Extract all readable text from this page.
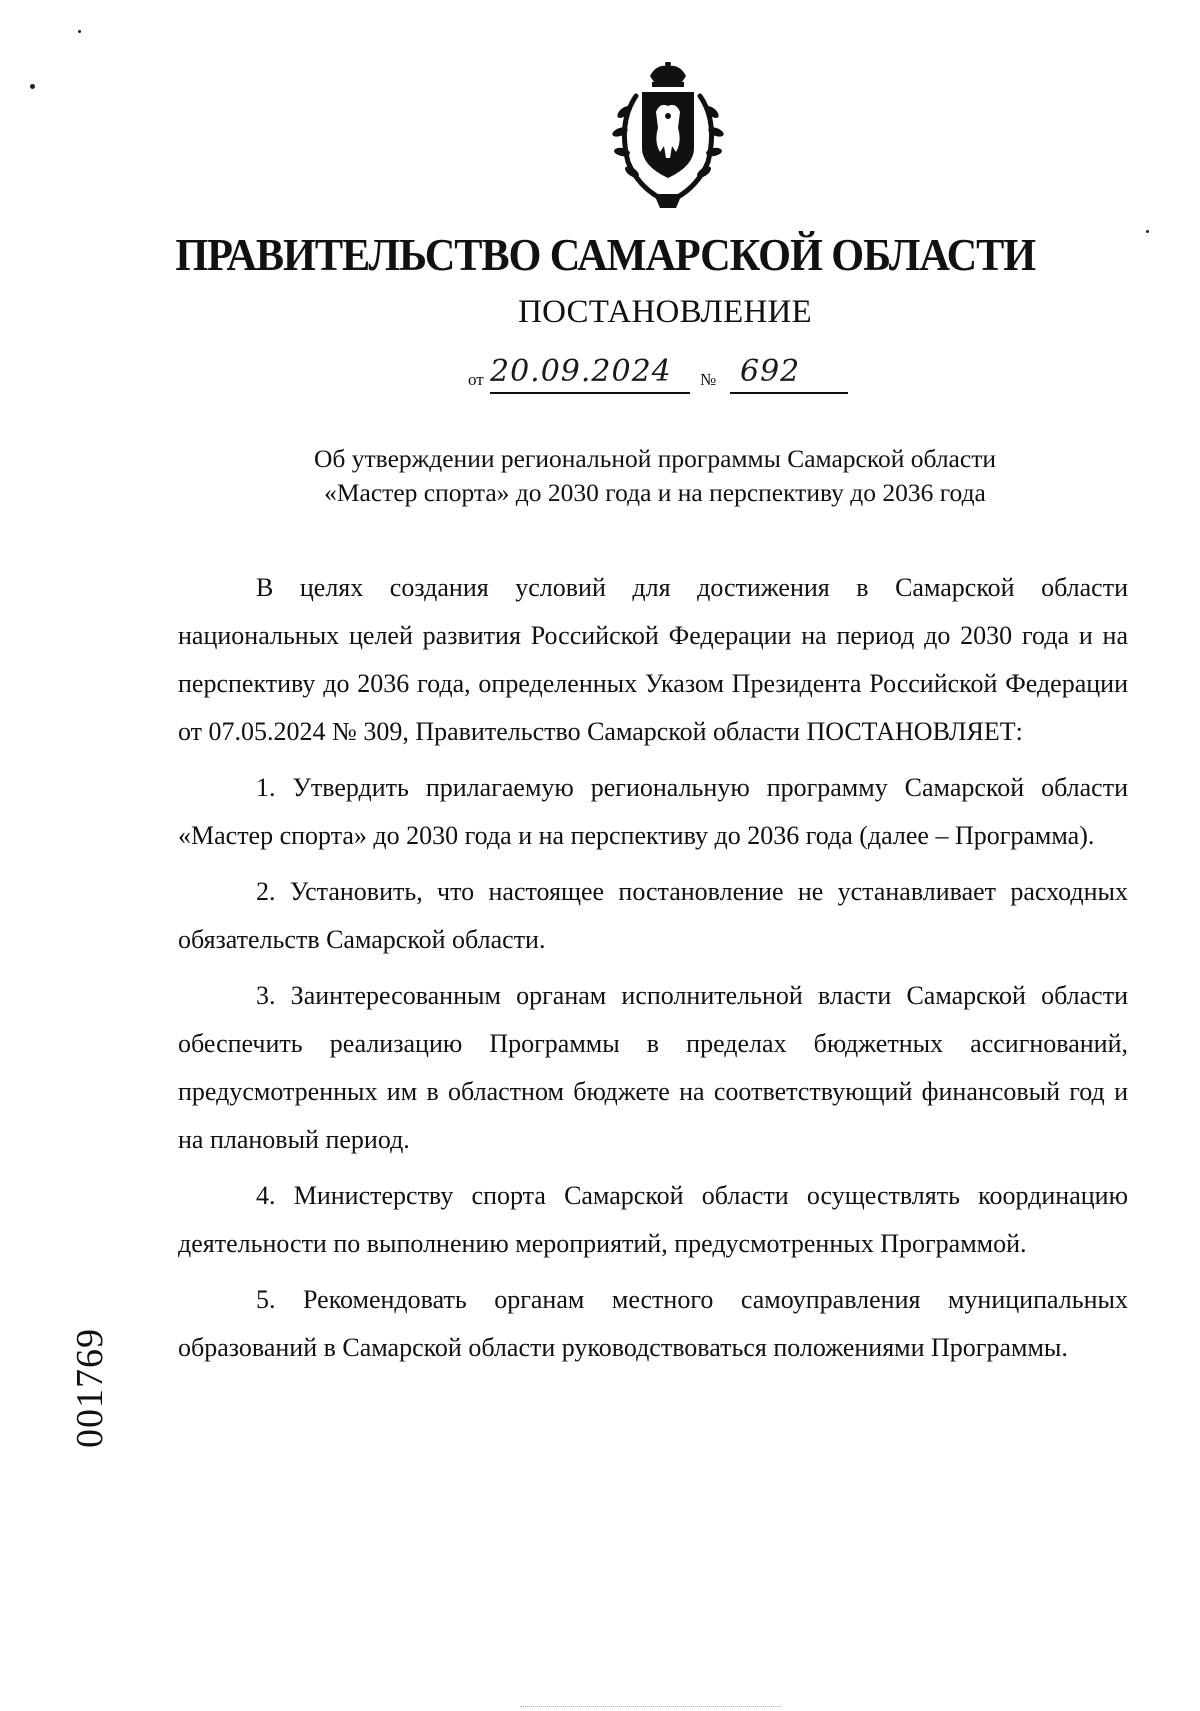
ПРАВИТЕЛЬСТВО САМАРСКОЙ ОБЛАСТИ
ПОСТАНОВЛЕНИЕ
от 20.09.2024 № 692
Об утверждении региональной программы Самарской области
«Мастер спорта» до 2030 года и на перспективу до 2036 года

В целях создания условий для достижения в Самарской области национальных целей развития Российской Федерации на период до 2030 года и на перспективу до 2036 года, определенных Указом Президента Российской Федерации от 07.05.2024 № 309, Правительство Самарской области ПОСТАНОВЛЯЕТ:

1. Утвердить прилагаемую региональную программу Самарской области «Мастер спорта» до 2030 года и на перспективу до 2036 года (далее – Программа).

2. Установить, что настоящее постановление не устанавливает расходных обязательств Самарской области.

3. Заинтересованным органам исполнительной власти Самарской области обеспечить реализацию Программы в пределах бюджетных ассигнований, предусмотренных им в областном бюджете на соответствующий финансовый год и на плановый период.

4. Министерству спорта Самарской области осуществлять координацию деятельности по выполнению мероприятий, предусмотренных Программой.

5. Рекомендовать органам местного самоуправления муниципальных образований в Самарской области руководствоваться положениями Программы.

001769
